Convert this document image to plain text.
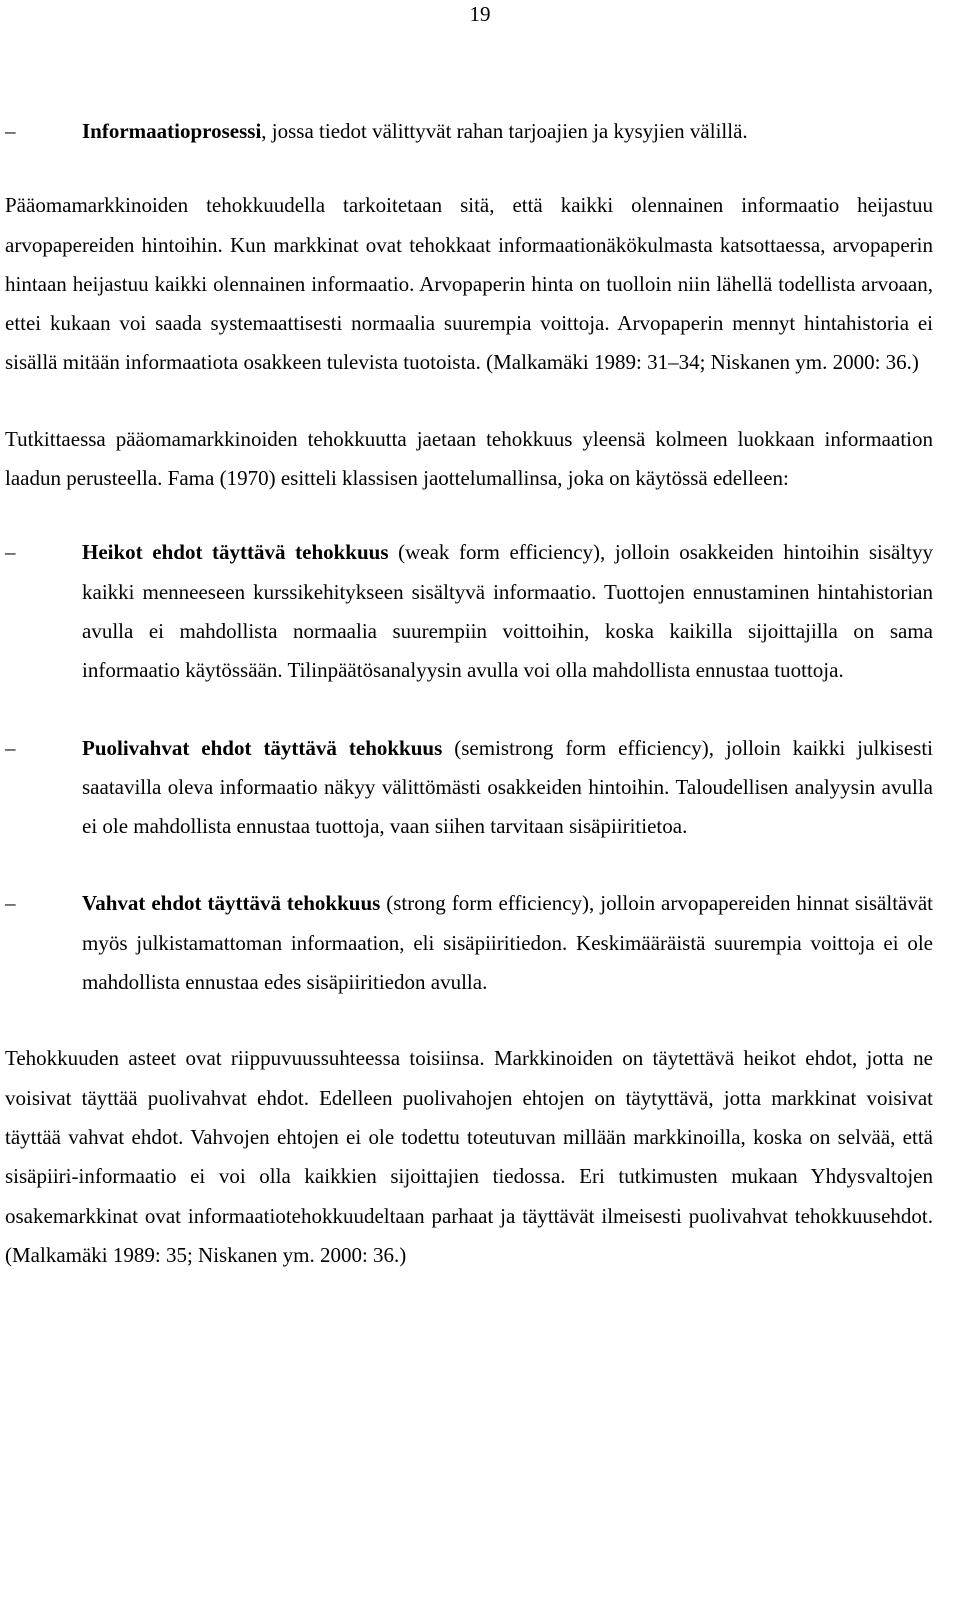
19
–	Informaatioprosessi, jossa tiedot välittyvät rahan tarjoajien ja kysyjien välillä.

Pääomamarkkinoiden tehokkuudella tarkoitetaan sitä, että kaikki olennainen informaatio heijastuu arvopapereiden hintoihin. Kun markkinat ovat tehokkaat informaationäkökulmasta katsottaessa, arvopaperin hintaan heijastuu kaikki olennainen informaatio. Arvopaperin hinta on tuolloin niin lähellä todellista arvoaan, ettei kukaan voi saada systemaattisesti normaalia suurempia voittoja. Arvopaperin mennyt hintahistoria ei sisällä mitään informaatiota osakkeen tulevista tuotoista. (Malkamäki 1989: 31–34; Niskanen ym. 2000: 36.)

Tutkittaessa pääomamarkkinoiden tehokkuutta jaetaan tehokkuus yleensä kolmeen luokkaan informaation laadun perusteella. Fama (1970) esitteli klassisen jaottelumallinsa, joka on käytössä edelleen:

–	Heikot ehdot täyttävä tehokkuus (weak form efficiency), jolloin osakkeiden hintoihin sisältyy kaikki menneeseen kurssikehitykseen sisältyvä informaatio. Tuottojen ennustaminen hintahistorian avulla ei mahdollista normaalia suurempiin voittoihin, koska kaikilla sijoittajilla on sama informaatio käytössään. Tilinpäätösanalyysin avulla voi olla mahdollista ennustaa tuottoja.
–	Puolivahvat ehdot täyttävä tehokkuus (semistrong form efficiency), jolloin kaikki julkisesti saatavilla oleva informaatio näkyy välittömästi osakkeiden hintoihin. Taloudellisen analyysin avulla ei ole mahdollista ennustaa tuottoja, vaan siihen tarvitaan sisäpiiritietoa.
–	Vahvat ehdot täyttävä tehokkuus (strong form efficiency), jolloin arvopapereiden hinnat sisältävät myös julkistamattoman informaation, eli sisäpiiritiedon. Keskimääräistä suurempia voittoja ei ole mahdollista ennustaa edes sisäpiiritiedon avulla.

Tehokkuuden asteet ovat riippuvuussuhteessa toisiinsa. Markkinoiden on täytettävä heikot ehdot, jotta ne voisivat täyttää puolivahvat ehdot. Edelleen puolivahojen ehtojen on täytyttävä, jotta markkinat voisivat täyttää vahvat ehdot. Vahvojen ehtojen ei ole todettu toteutuvan millään markkinoilla, koska on selvää, että sisäpiiri-informaatio ei voi olla kaikkien sijoittajien tiedossa. Eri tutkimusten mukaan Yhdysvaltojen osakemarkkinat ovat informaatiotehokkuudeltaan parhaat ja täyttävät ilmeisesti puolivahvat tehokkuusehdot. (Malkamäki 1989: 35; Niskanen ym. 2000: 36.)
